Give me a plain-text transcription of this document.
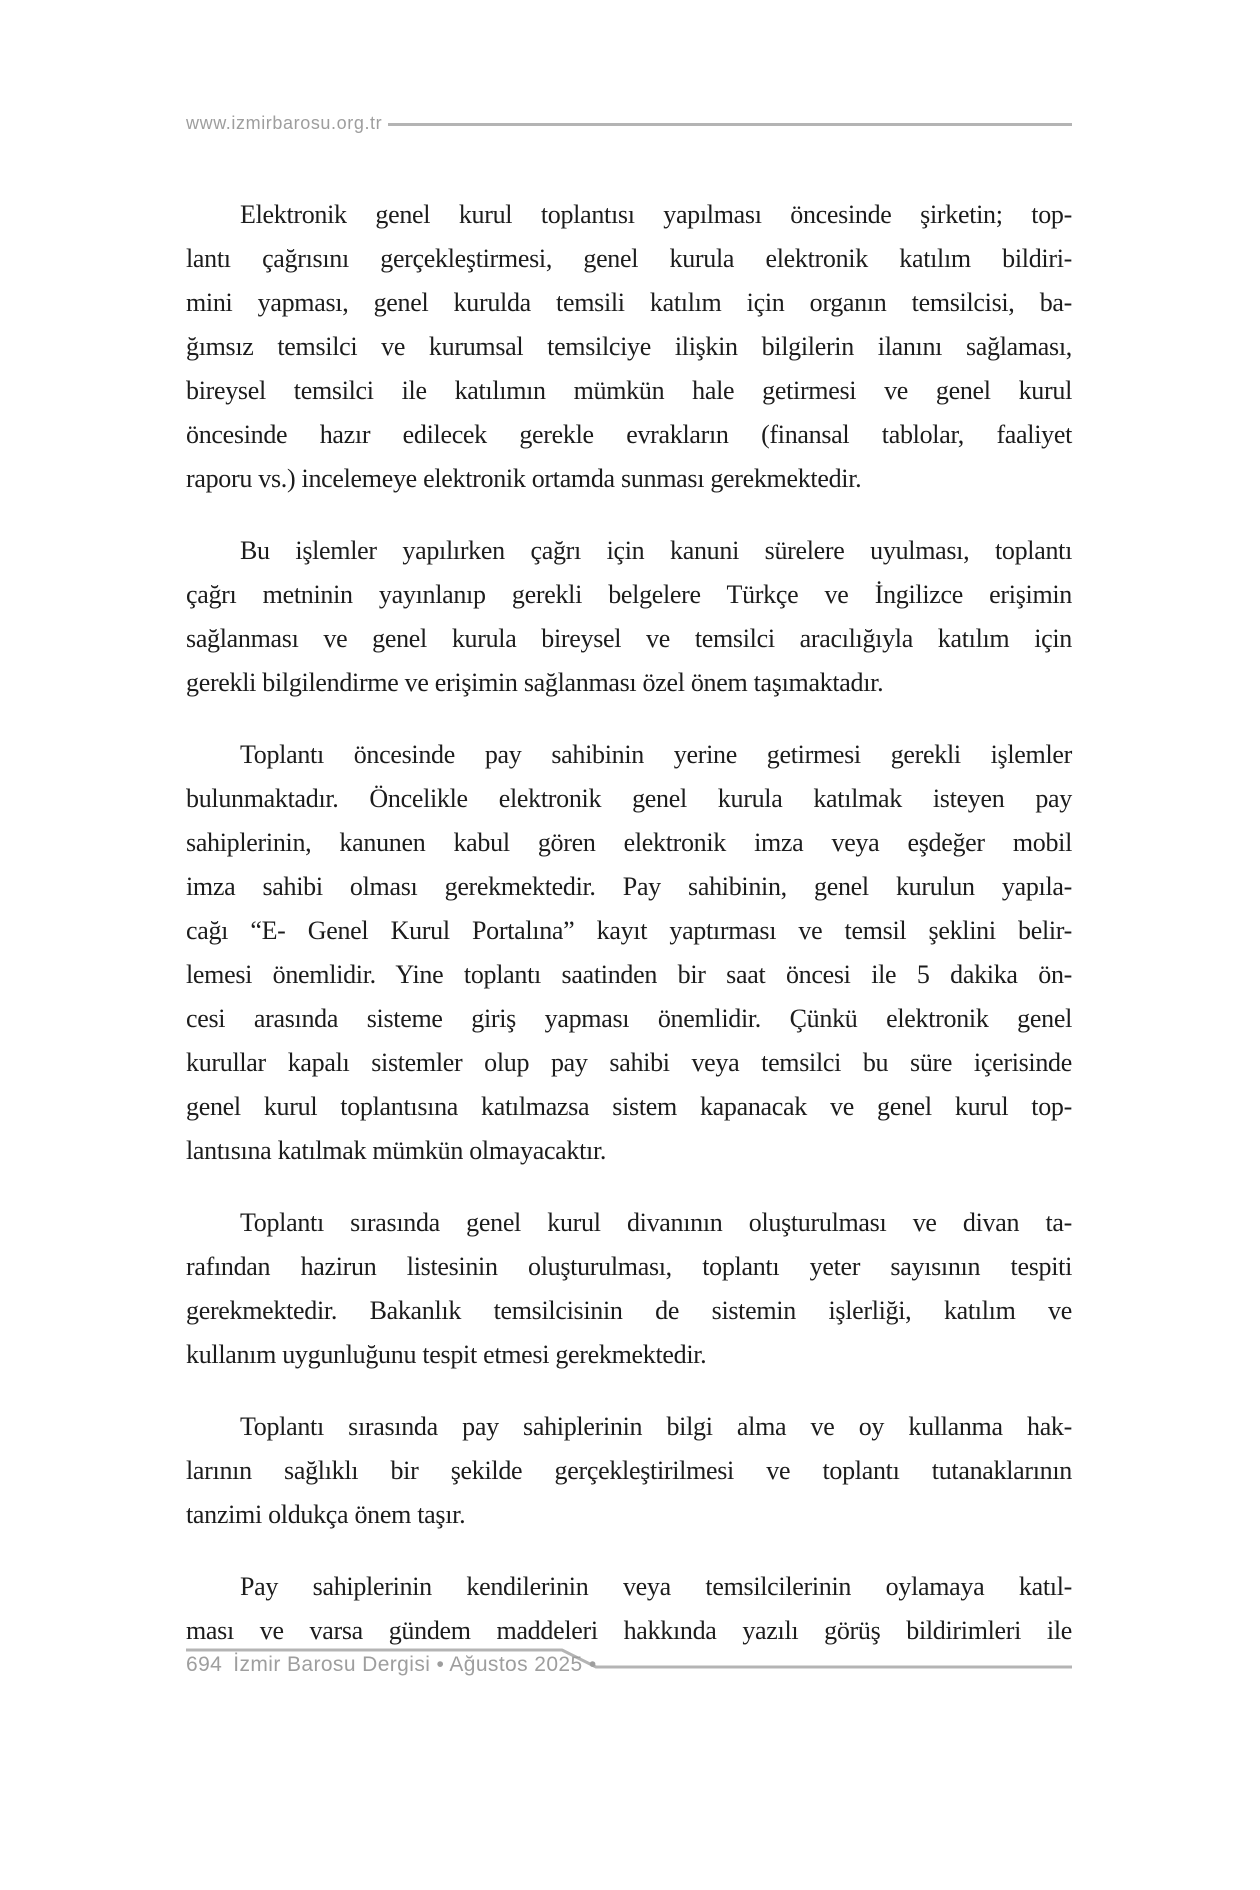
www.izmirbarosu.org.tr

Elektronik genel kurul toplantısı yapılması öncesinde şirketin; top-
lantı çağrısını gerçekleştirmesi, genel kurula elektronik katılım bildiri-
mini yapması, genel kurulda temsili katılım için organın temsilcisi, ba-
ğımsız temsilci ve kurumsal temsilciye ilişkin bilgilerin ilanını sağlaması,
bireysel temsilci ile katılımın mümkün hale getirmesi ve genel kurul
öncesinde hazır edilecek gerekle evrakların (finansal tablolar, faaliyet
raporu vs.) incelemeye elektronik ortamda sunması gerekmektedir.

Bu işlemler yapılırken çağrı için kanuni sürelere uyulması, toplantı
çağrı metninin yayınlanıp gerekli belgelere Türkçe ve İngilizce erişimin
sağlanması ve genel kurula bireysel ve temsilci aracılığıyla katılım için
gerekli bilgilendirme ve erişimin sağlanması özel önem taşımaktadır.

Toplantı öncesinde pay sahibinin yerine getirmesi gerekli işlemler
bulunmaktadır. Öncelikle elektronik genel kurula katılmak isteyen pay
sahiplerinin, kanunen kabul gören elektronik imza veya eşdeğer mobil
imza sahibi olması gerekmektedir. Pay sahibinin, genel kurulun yapıla-
cağı “E- Genel Kurul Portalına” kayıt yaptırması ve temsil şeklini belir-
lemesi önemlidir. Yine toplantı saatinden bir saat öncesi ile 5 dakika ön-
cesi arasında sisteme giriş yapması önemlidir. Çünkü elektronik genel
kurullar kapalı sistemler olup pay sahibi veya temsilci bu süre içerisinde
genel kurul toplantısına katılmazsa sistem kapanacak ve genel kurul top-
lantısına katılmak mümkün olmayacaktır.

Toplantı sırasında genel kurul divanının oluşturulması ve divan ta-
rafından hazirun listesinin oluşturulması, toplantı yeter sayısının tespiti
gerekmektedir. Bakanlık temsilcisinin de sistemin işlerliği, katılım ve
kullanım uygunluğunu tespit etmesi gerekmektedir.

Toplantı sırasında pay sahiplerinin bilgi alma ve oy kullanma hak-
larının sağlıklı bir şekilde gerçekleştirilmesi ve toplantı tutanaklarının
tanzimi oldukça önem taşır.

Pay sahiplerinin kendilerinin veya temsilcilerinin oylamaya katıl-
ması ve varsa gündem maddeleri hakkında yazılı görüş bildirimleri ile

694 İzmir Barosu Dergisi • Ağustos 2025 •
